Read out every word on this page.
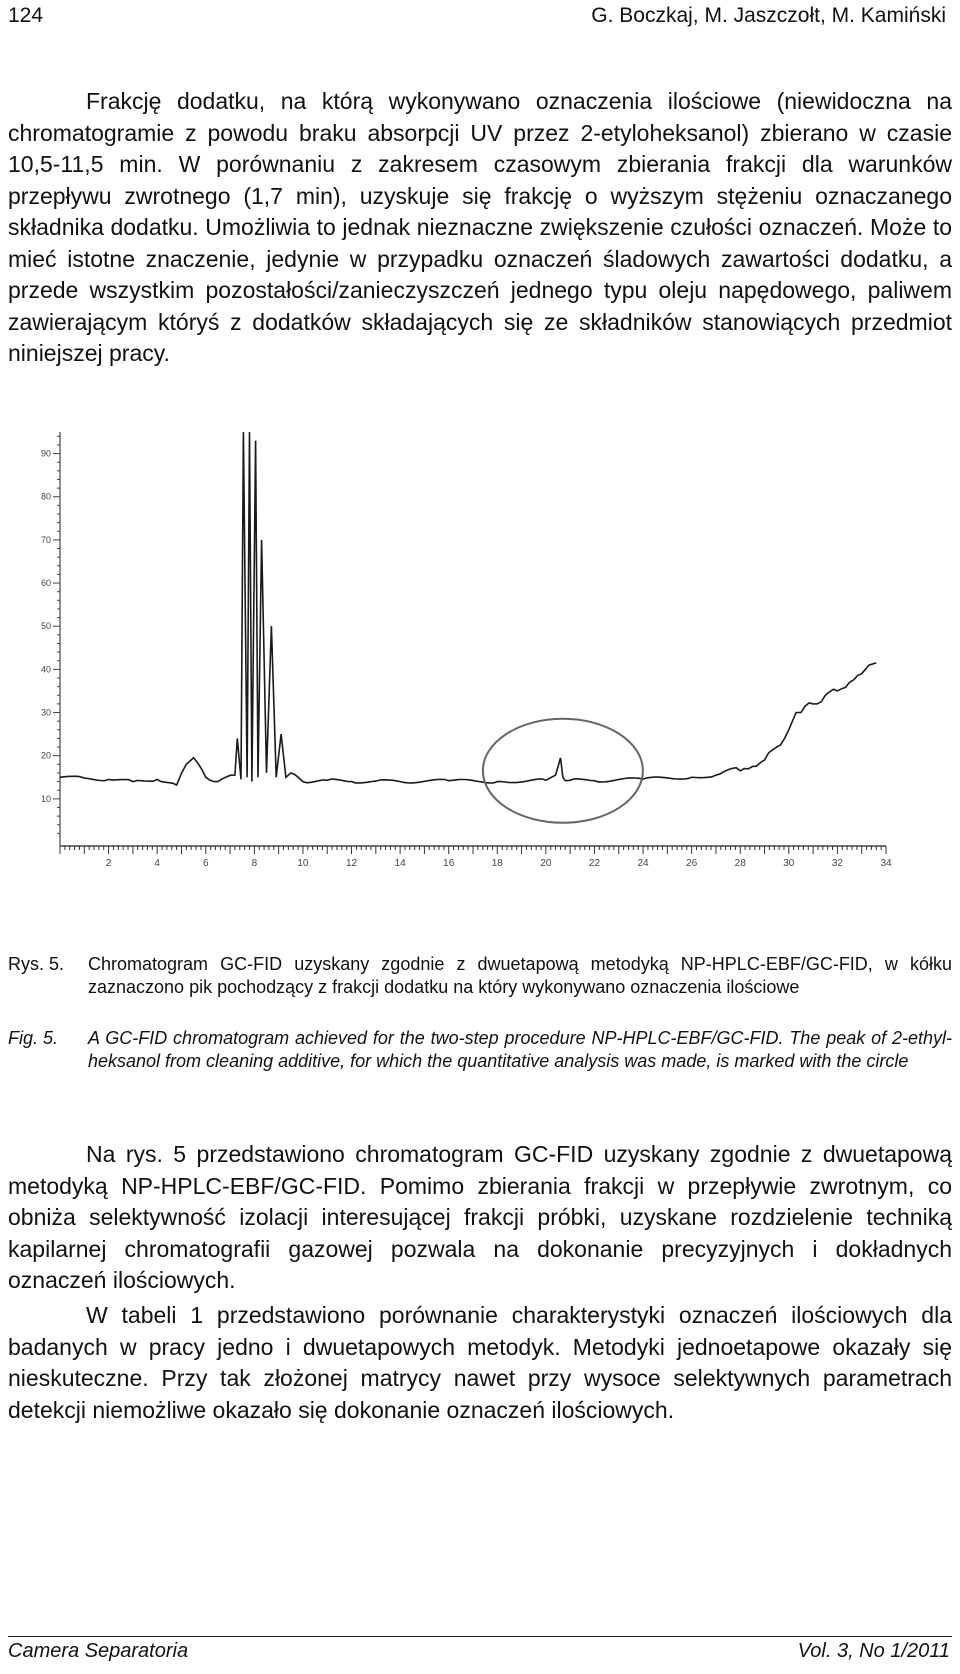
124	G. Boczkaj, M. Jaszczołt, M. Kamiński

Frakcję dodatku, na którą wykonywano oznaczenia ilościowe (niewidoczna na chromatogramie z powodu braku absorpcji UV przez 2-etyloheksanol) zbierano w czasie 10,5-11,5 min. W porównaniu z zakresem czasowym zbierania frakcji dla warunków przepływu zwrotnego (1,7 min), uzyskuje się frakcję o wyższym stężeniu oznaczanego składnika dodatku. Umożliwia to jednak nieznaczne zwiększenie czułości oznaczeń. Może to mieć istotne znaczenie, jedynie w przypadku oznaczeń śladowych zawartości dodatku, a przede wszystkim pozostałości/zanieczyszczeń jednego typu oleju napędowego, paliwem zawierającym któryś z dodatków składających się ze składników stanowiących przedmiot niniejszej pracy.

10
20
30
40
50
60
70
80
90
2	4	6	8	10	12	14	16	18	20	22	24	26	28	30	32	34
Rys. 5.	Chromatogram GC-FID uzyskany zgodnie z dwuetapową metodyką NP-HPLC-EBF/GC-FID, w kółku zaznaczono pik pochodzący z frakcji dodatku na który wykonywano oznaczenia ilościowe
Fig. 5.	A GC-FID chromatogram achieved for the two-step procedure NP-HPLC-EBF/GC-FID. The peak of 2-ethyl-heksanol from cleaning additive, for which the quantitative analysis was made, is marked with the circle

Na rys. 5 przedstawiono chromatogram GC-FID uzyskany zgodnie z dwuetapową metodyką NP-HPLC-EBF/GC-FID. Pomimo zbierania frakcji w przepływie zwrotnym, co obniża selektywność izolacji interesującej frakcji próbki, uzyskane rozdzielenie techniką kapilarnej chromatografii gazowej pozwala na dokonanie precyzyjnych i dokładnych oznaczeń ilościowych.

W tabeli 1 przedstawiono porównanie charakterystyki oznaczeń ilościowych dla badanych w pracy jedno i dwuetapowych metodyk. Metodyki jednoetapowe okazały się nieskuteczne. Przy tak złożonej matrycy nawet przy wysoce selektywnych parametrach detekcji niemożliwe okazało się dokonanie oznaczeń ilościowych.

Camera Separatoria	Vol. 3, No 1/2011
